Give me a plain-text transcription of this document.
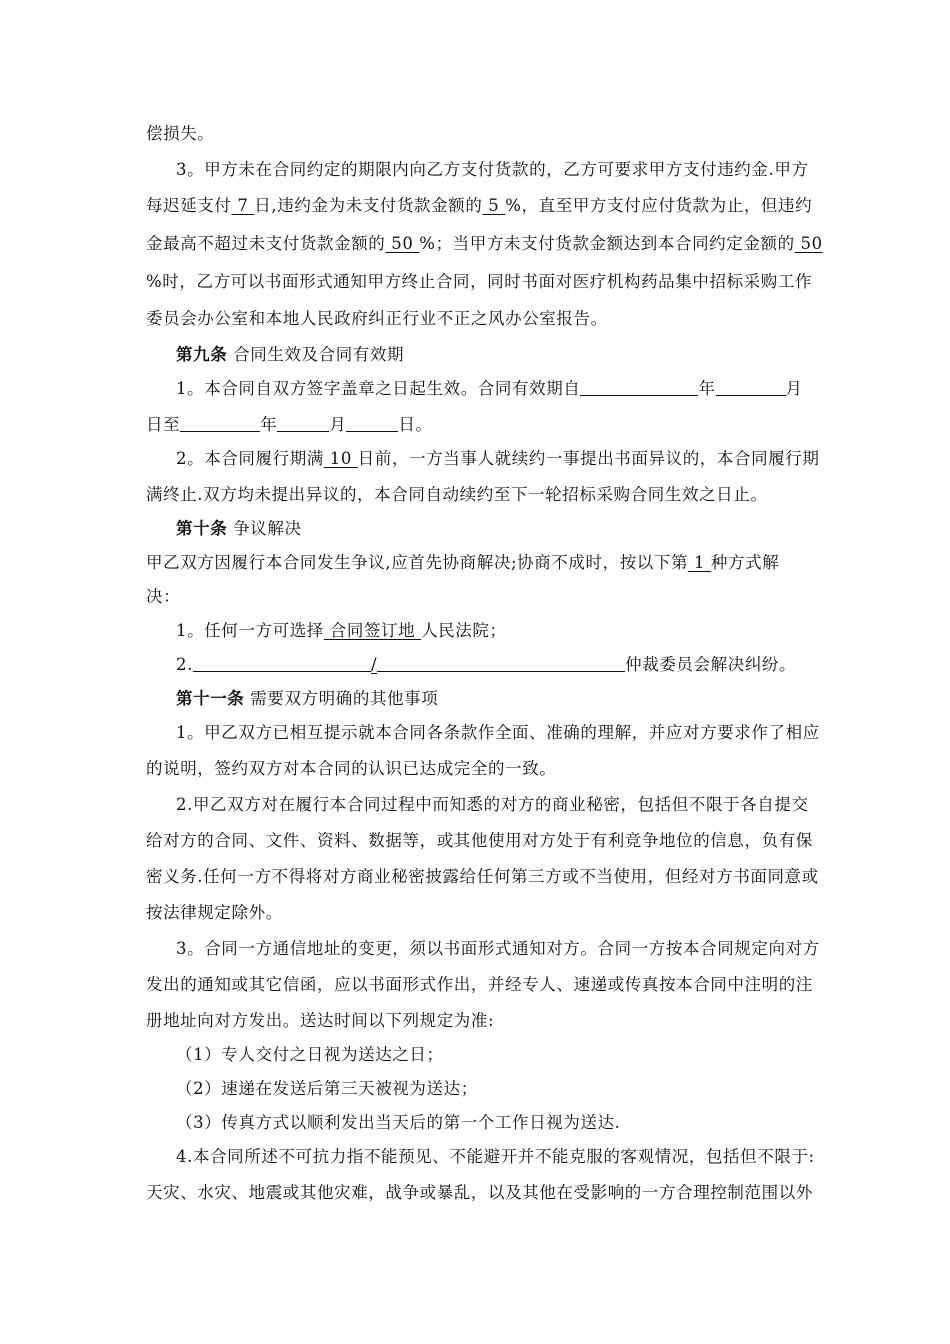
偿损失。
3。甲方未在合同约定的期限内向乙方支付货款的，乙方可要求甲方支付违约金.甲方
每迟延支付 7 日,违约金为未支付货款金额的 5 %，直至甲方支付应付货款为止，但违约
金最高不超过未支付货款金额的 50 %；当甲方未支付货款金额达到本合同约定金额的 50
%时，乙方可以书面形式通知甲方终止合同，同时书面对医疗机构药品集中招标采购工作
委员会办公室和本地人民政府纠正行业不正之风办公室报告。
第九条 合同生效及合同有效期
1。本合同自双方签字盖章之日起生效。合同有效期自	年	月
日至	年	月	日。
2。本合同履行期满 10 日前，一方当事人就续约一事提出书面异议的，本合同履行期
满终止.双方均未提出异议的，本合同自动续约至下一轮招标采购合同生效之日止。
第十条 争议解决
甲乙双方因履行本合同发生争议,应首先协商解决;协商不成时，按以下第 1 种方式解
决：
1。任何一方可选择 合同签订地 人民法院；
2.	/	仲裁委员会解决纠纷。
第十一条 需要双方明确的其他事项
1。甲乙双方已相互提示就本合同各条款作全面、准确的理解，并应对方要求作了相应
的说明，签约双方对本合同的认识已达成完全的一致。
2.甲乙双方对在履行本合同过程中而知悉的对方的商业秘密，包括但不限于各自提交
给对方的合同、文件、资料、数据等，或其他使用对方处于有利竞争地位的信息，负有保
密义务.任何一方不得将对方商业秘密披露给任何第三方或不当使用，但经对方书面同意或
按法律规定除外。
3。合同一方通信地址的变更，须以书面形式通知对方。合同一方按本合同规定向对方
发出的通知或其它信函，应以书面形式作出，并经专人、速递或传真按本合同中注明的注
册地址向对方发出。送达时间以下列规定为准:
（1）专人交付之日视为送达之日；
（2）速递在发送后第三天被视为送达；
（3）传真方式以顺利发出当天后的第一个工作日视为送达.
4.本合同所述不可抗力指不能预见、不能避开并不能克服的客观情况，包括但不限于:
天灾、水灾、地震或其他灾难，战争或暴乱，以及其他在受影响的一方合理控制范围以外
